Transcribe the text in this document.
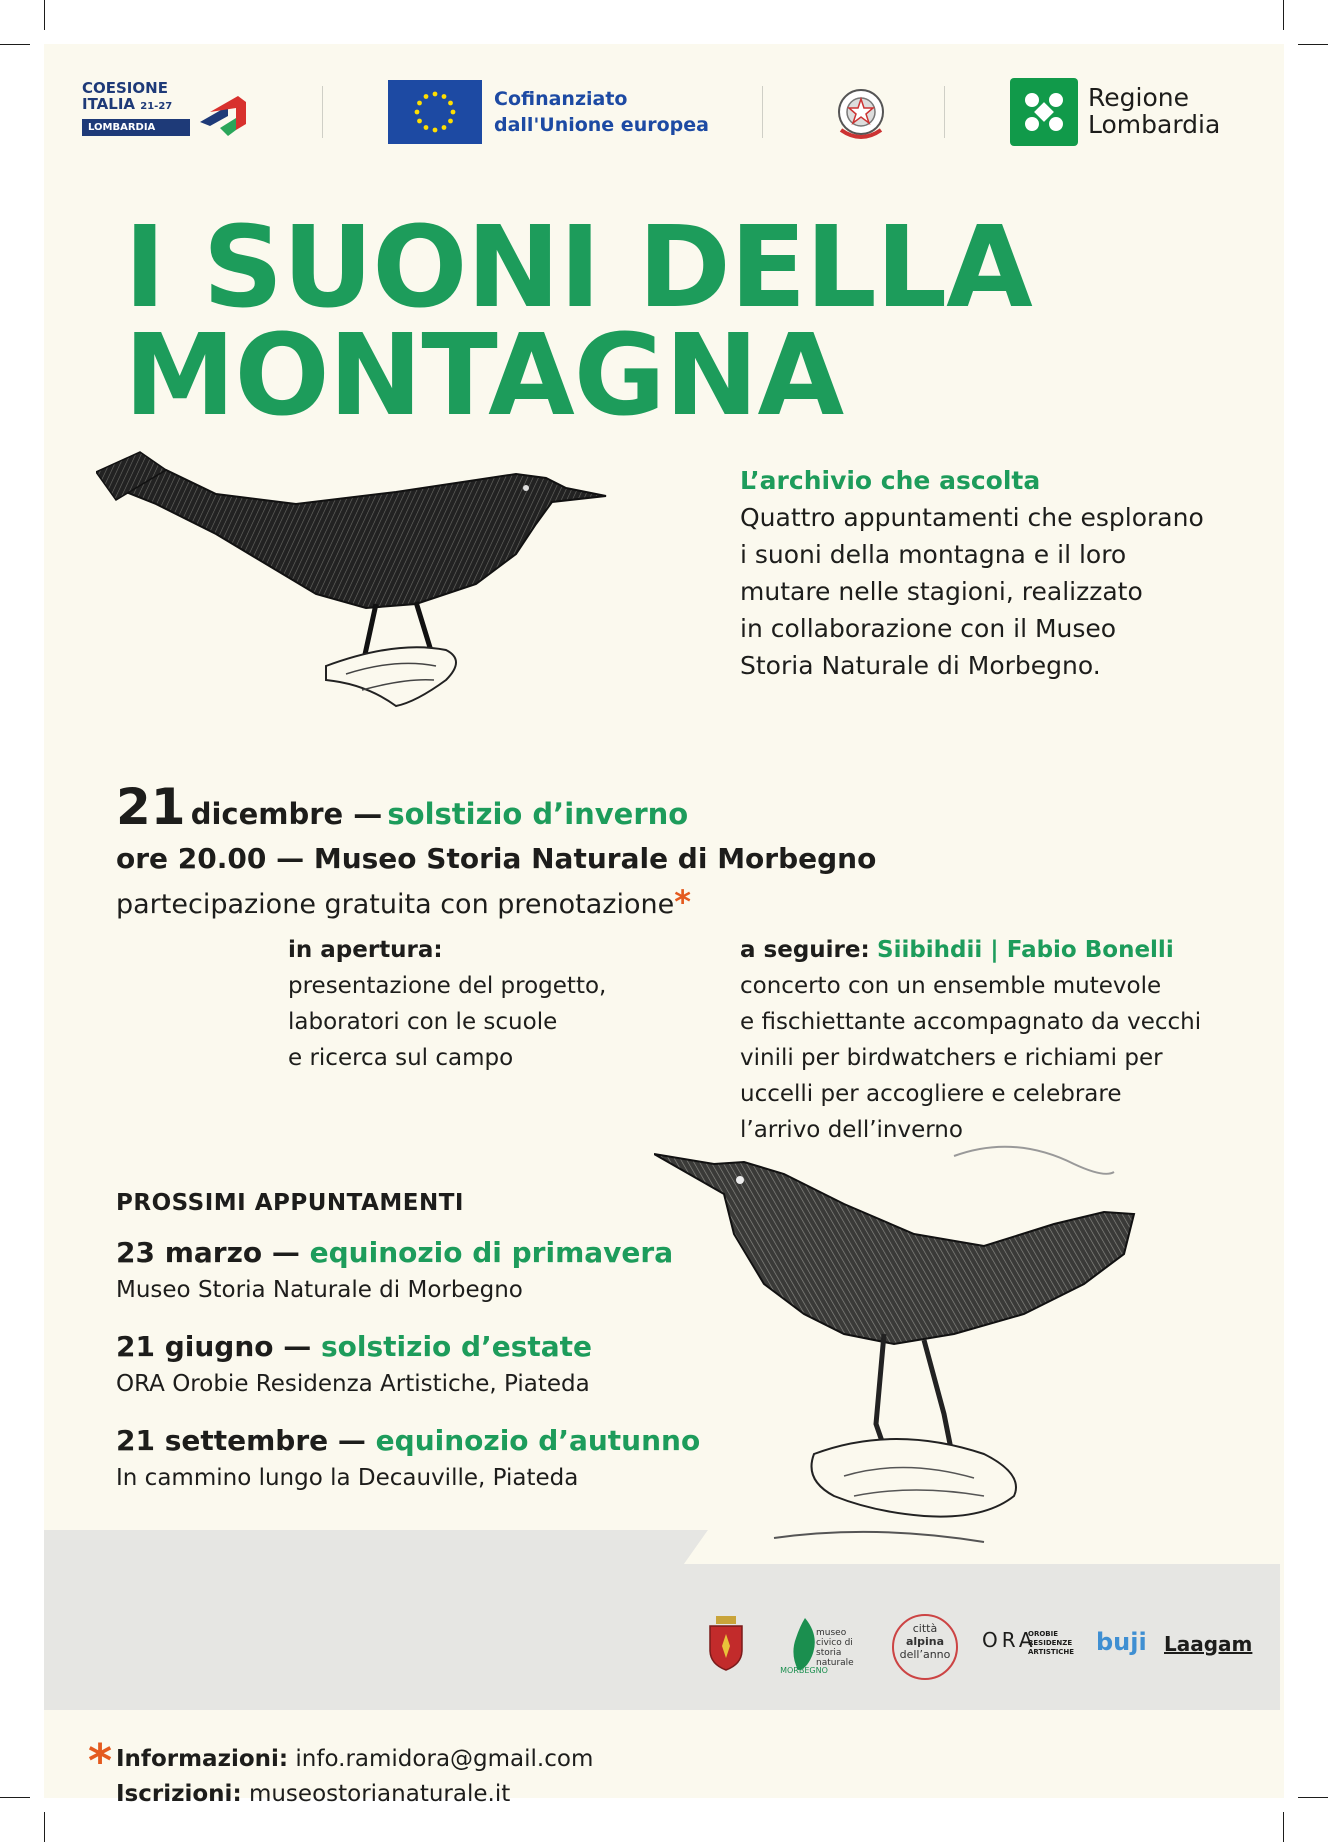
COESIONE
ITALIA 21-27
LOMBARDIA
Cofinanziato
dall'Unione europea
Regione
Lombardia
I SUONI DELLA
MONTAGNA
L’archivio che ascolta
Quattro appuntamenti che esplorano
i suoni della montagna e il loro
mutare nelle stagioni, realizzato
in collaborazione con il Museo
Storia Naturale di Morbegno.
21 dicembre — solstizio d’inverno
ore 20.00 — Museo Storia Naturale di Morbegno
partecipazione gratuita con prenotazione*
in apertura:
presentazione del progetto,
laboratori con le scuole
e ricerca sul campo
a seguire: Siibihdii | Fabio Bonelli
concerto con un ensemble mutevole
e fischiettante accompagnato da vecchi
vinili per birdwatchers e richiami per
uccelli per accogliere e celebrare
l’arrivo dell’inverno
PROSSIMI APPUNTAMENTI
23 marzo — equinozio di primavera
Museo Storia Naturale di Morbegno
21 giugno — solstizio d’estate
ORA Orobie Residenza Artistiche, Piateda
21 settembre — equinozio d’autunno
In cammino lungo la Decauville, Piateda
museo civico di storia naturale
MORBEGNO
città
alpina
dell’anno
ORA
OROBIE RESIDENZE ARTISTICHE buji Laagam
* Informazioni: info.ramidora@gmail.com
Iscrizioni: museostorianaturale.it
